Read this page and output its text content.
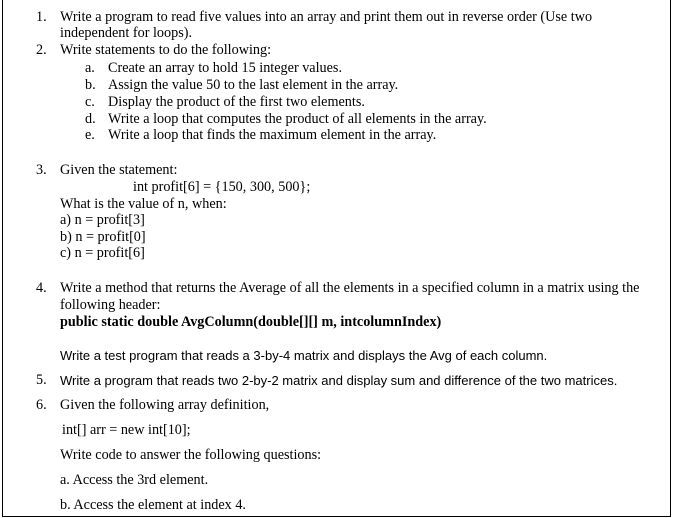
1. Write a program to read five values into an array and print them out in reverse order (Use two
independent for loops).
2. Write statements to do the following:
a. Create an array to hold 15 integer values.
b. Assign the value 50 to the last element in the array.
c. Display the product of the first two elements.
d. Write a loop that computes the product of all elements in the array.
e. Write a loop that finds the maximum element in the array.
3. Given the statement:
int profit[6] = {150, 300, 500};
What is the value of n, when:
a) n = profit[3]
b) n = profit[0]
c) n = profit[6]
4. Write a method that returns the Average of all the elements in a specified column in a matrix using the
following header:
public static double AvgColumn(double[][] m, intcolumnIndex)
Write a test program that reads a 3-by-4 matrix and displays the Avg of each column.
5. Write a program that reads two 2-by-2 matrix and display sum and difference of the two matrices.
6. Given the following array definition,
int[] arr = new int[10];
Write code to answer the following questions:
a. Access the 3rd element.
b. Access the element at index 4.
